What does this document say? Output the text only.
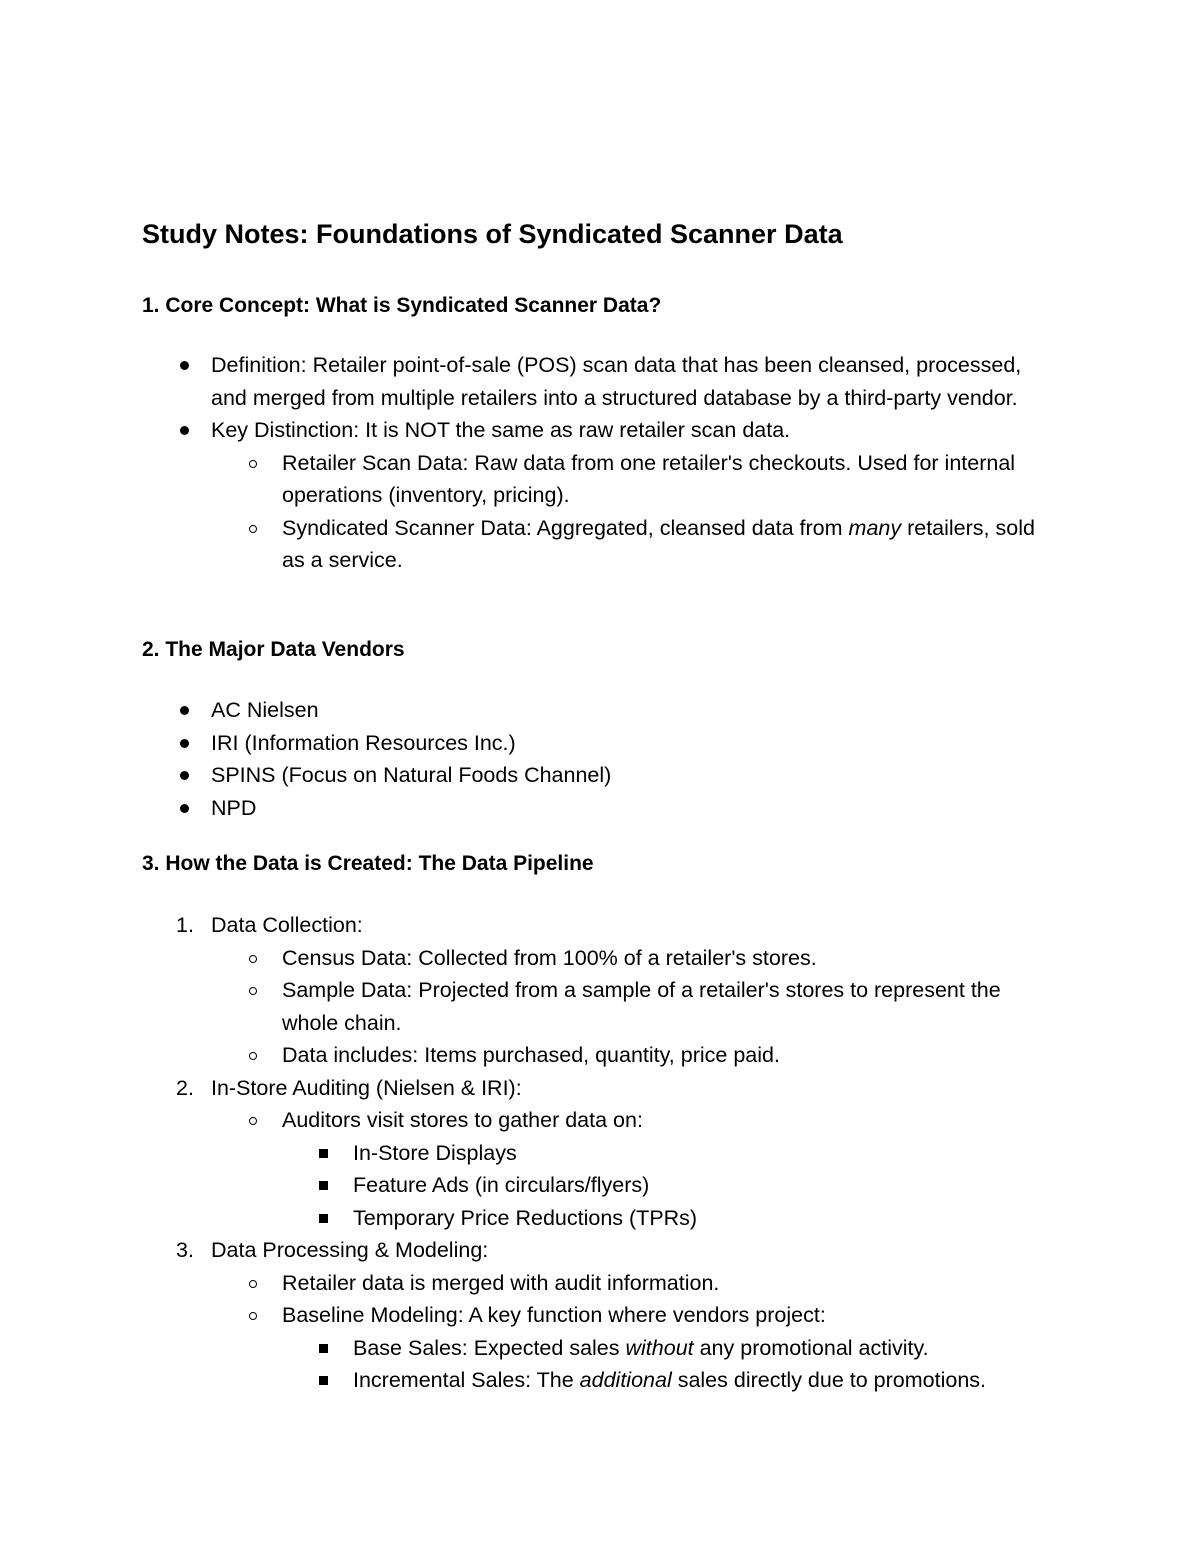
Study Notes: Foundations of Syndicated Scanner Data
1. Core Concept: What is Syndicated Scanner Data?
Definition: Retailer point-of-sale (POS) scan data that has been cleansed, processed, and merged from multiple retailers into a structured database by a third-party vendor.
Key Distinction: It is NOT the same as raw retailer scan data.
Retailer Scan Data: Raw data from one retailer's checkouts. Used for internal operations (inventory, pricing).
Syndicated Scanner Data: Aggregated, cleansed data from many retailers, sold as a service.
2. The Major Data Vendors
AC Nielsen
IRI (Information Resources Inc.)
SPINS (Focus on Natural Foods Channel)
NPD
3. How the Data is Created: The Data Pipeline
1. Data Collection:
Census Data: Collected from 100% of a retailer's stores.
Sample Data: Projected from a sample of a retailer's stores to represent the whole chain.
Data includes: Items purchased, quantity, price paid.
2. In-Store Auditing (Nielsen & IRI):
Auditors visit stores to gather data on:
In-Store Displays
Feature Ads (in circulars/flyers)
Temporary Price Reductions (TPRs)
3. Data Processing & Modeling:
Retailer data is merged with audit information.
Baseline Modeling: A key function where vendors project:
Base Sales: Expected sales without any promotional activity.
Incremental Sales: The additional sales directly due to promotions.
